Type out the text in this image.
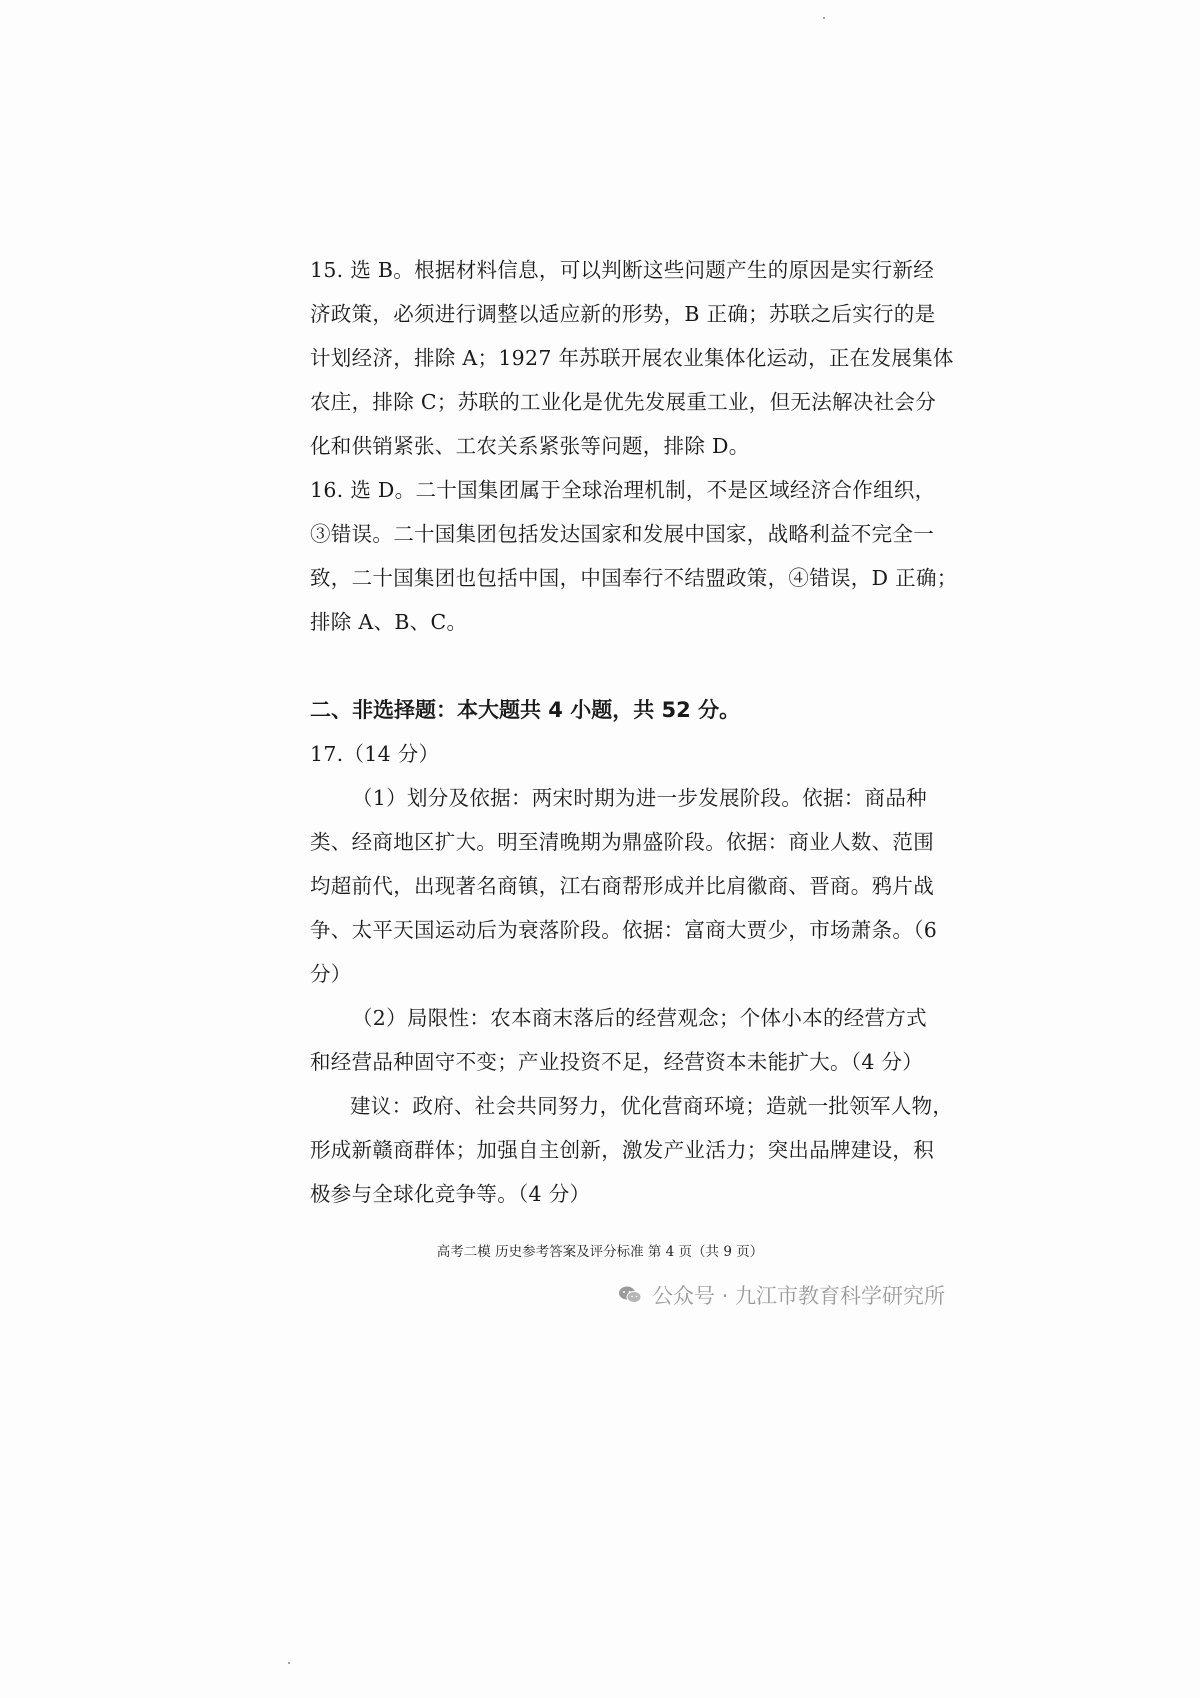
15. 选 B。根据材料信息，可以判断这些问题产生的原因是实行新经
济政策，必须进行调整以适应新的形势，B 正确；苏联之后实行的是
计划经济，排除 A；1927 年苏联开展农业集体化运动，正在发展集体
农庄，排除 C；苏联的工业化是优先发展重工业，但无法解决社会分
化和供销紧张、工农关系紧张等问题，排除 D。
16. 选 D。二十国集团属于全球治理机制，不是区域经济合作组织，
③错误。二十国集团包括发达国家和发展中国家，战略利益不完全一
致，二十国集团也包括中国，中国奉行不结盟政策，④错误，D 正确；
排除 A、B、C。
二、非选择题：本大题共 4 小题，共 52 分。
17.（14 分）
（1）划分及依据：两宋时期为进一步发展阶段。依据：商品种
类、经商地区扩大。明至清晚期为鼎盛阶段。依据：商业人数、范围
均超前代，出现著名商镇，江右商帮形成并比肩徽商、晋商。鸦片战
争、太平天国运动后为衰落阶段。依据：富商大贾少，市场萧条。（6
分）
（2）局限性：农本商末落后的经营观念；个体小本的经营方式
和经营品种固守不变；产业投资不足，经营资本未能扩大。（4 分）
建议：政府、社会共同努力，优化营商环境；造就一批领军人物，
形成新赣商群体；加强自主创新，激发产业活力；突出品牌建设，积
极参与全球化竞争等。（4 分）
高考二模 历史参考答案及评分标准 第 4 页（共 9 页）
公众号 · 九江市教育科学研究所
